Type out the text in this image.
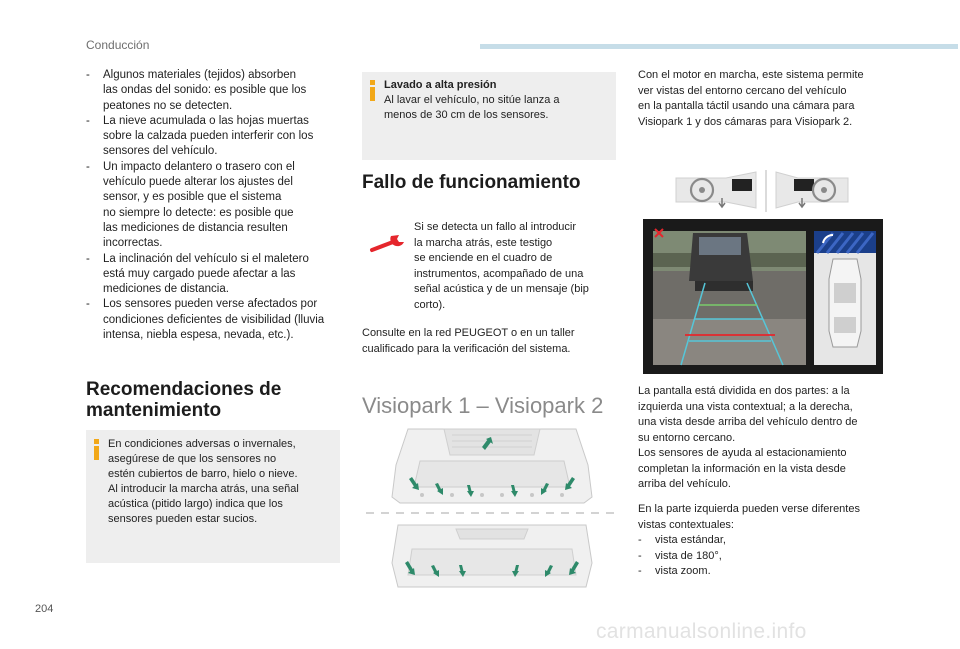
Conducción
- Algunos materiales (tejidos) absorben
las ondas del sonido: es posible que los
peatones no se detecten.
- La nieve acumulada o las hojas muertas
sobre la calzada pueden interferir con los
sensores del vehículo.
- Un impacto delantero o trasero con el
vehículo puede alterar los ajustes del
sensor, y es posible que el sistema
no siempre lo detecte: es posible que
las mediciones de distancia resulten
incorrectas.
- La inclinación del vehículo si el maletero
está muy cargado puede afectar a las
mediciones de distancia.
- Los sensores pueden verse afectados por
condiciones deficientes de visibilidad (lluvia
intensa, niebla espesa, nevada, etc.).
Recomendaciones de
mantenimiento
En condiciones adversas o invernales,
asegúrese de que los sensores no
estén cubiertos de barro, hielo o nieve.
Al introducir la marcha atrás, una señal
acústica (pitido largo) indica que los
sensores pueden estar sucios.
Lavado a alta presión
Al lavar el vehículo, no sitúe lanza a
menos de 30 cm de los sensores.
Fallo de funcionamiento
Si se detecta un fallo al introducir
la marcha atrás, este testigo
se enciende en el cuadro de
instrumentos, acompañado de una
señal acústica y de un mensaje (bip
corto).
Consulte en la red PEUGEOT o en un taller
cualificado para la verificación del sistema.
Visiopark 1 – Visiopark 2
Con el motor en marcha, este sistema permite
ver vistas del entorno cercano del vehículo
en la pantalla táctil usando una cámara para
Visiopark 1 y dos cámaras para Visiopark 2.
La pantalla está dividida en dos partes: a la
izquierda una vista contextual; a la derecha,
una vista desde arriba del vehículo dentro de
su entorno cercano.
Los sensores de ayuda al estacionamiento
completan la información en la vista desde
arriba del vehículo.
En la parte izquierda pueden verse diferentes
vistas contextuales:
- vista estándar,
- vista de 180°,
- vista zoom.
204
carmanualsonline.info
